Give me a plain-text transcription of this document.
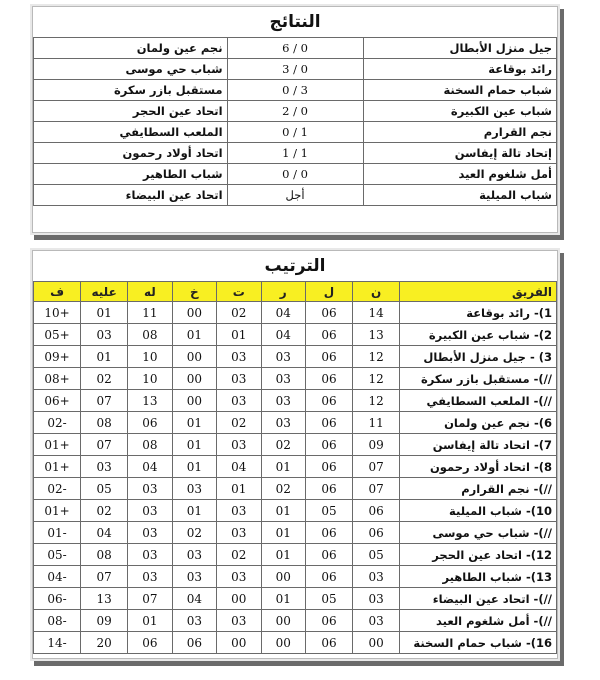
النتائج
جيل منزل الأبطال	0 / 6	نجم عين ولمان
رائد بوقاعة	0 / 3	شباب حي موسى
شباب حمام السخنة	3 / 0	مستقبل بازر سكرة
شباب عين الكبيرة	0 / 2	اتحاد عين الحجر
نجم القرارم	1 / 0	الملعب السطايفي
إتحاد تالة إيفاسن	1 / 1	اتحاد أولاد رحمون
أمل شلغوم العيد	0 / 0	شباب الطاهير
شباب الميلية	أجل	اتحاد عين البيضاء
الترتيب
الفريق	ن	ل	ر	ت	خ	له	عليه	ف
1)- رائد بوقاعة	14	06	04	02	00	11	01	+10
2)- شباب عين الكبيرة	13	06	04	01	01	08	03	+05
3) - جيل منزل الأبطال	12	06	03	03	00	10	01	+09
//)- مستقبل بازر سكرة	12	06	03	03	00	10	02	+08
//)- الملعب السطايفي	12	06	03	03	00	13	07	+06
6)- نجم عين ولمان	11	06	03	02	01	06	08	-02
7)- اتحاد تالة إيفاسن	09	06	02	03	01	08	07	+01
8)- اتحاد أولاد رحمون	07	06	01	04	01	04	03	+01
//)- نجم القرارم	07	06	02	01	03	03	05	-02
10)- شباب الميلية	06	05	01	03	01	03	02	+01
//)- شباب حي موسى	06	06	01	03	02	03	04	-01
12)- اتحاد عين الحجر	05	06	01	02	03	03	08	-05
13)- شباب الطاهير	03	06	00	03	03	03	07	-04
//)- اتحاد عين البيضاء	03	05	01	00	04	07	13	-06
//)- أمل شلغوم العيد	03	06	00	03	03	01	09	-08
16)- شباب حمام السخنة	00	06	00	00	06	06	20	-14
